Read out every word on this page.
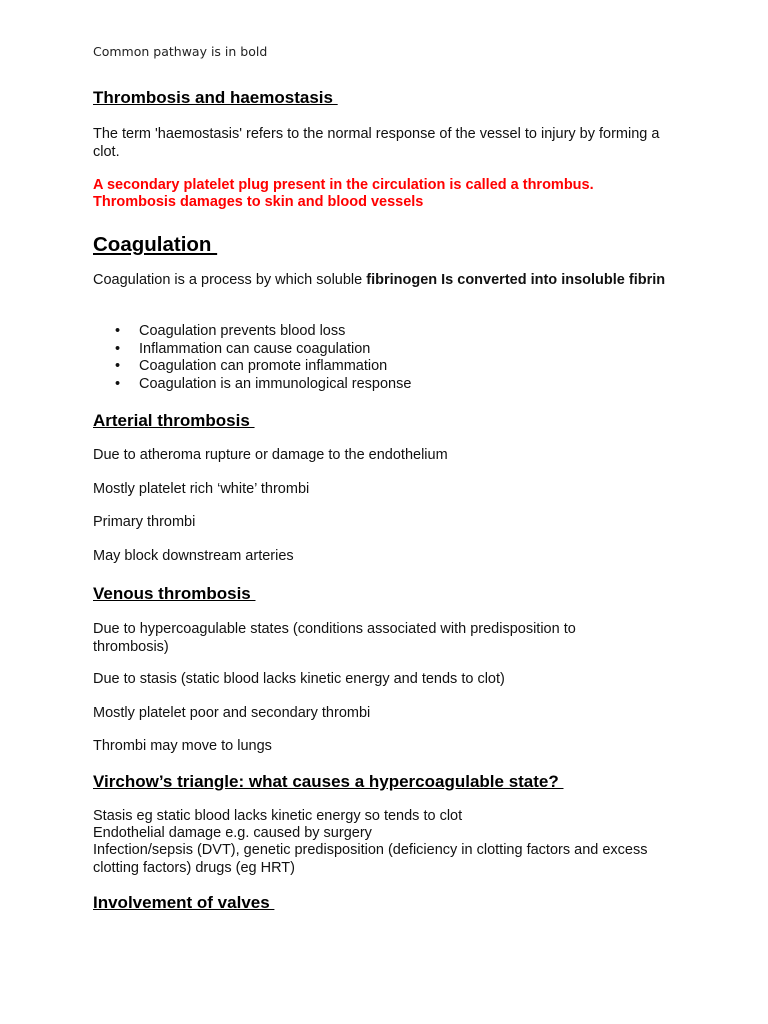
Common pathway is in bold
Thrombosis and haemostasis
The term 'haemostasis' refers to the normal response of the vessel to injury by forming a clot.
A secondary platelet plug present in the circulation is called a thrombus.
Thrombosis damages to skin and blood vessels
Coagulation
Coagulation is a process by which soluble fibrinogen Is converted into insoluble fibrin
• Coagulation prevents blood loss
• Inflammation can cause coagulation
• Coagulation can promote inflammation
• Coagulation is an immunological response
Arterial thrombosis
Due to atheroma rupture or damage to the endothelium
Mostly platelet rich ‘white’ thrombi
Primary thrombi
May block downstream arteries
Venous thrombosis
Due to hypercoagulable states (conditions associated with predisposition to thrombosis)
Due to stasis (static blood lacks kinetic energy and tends to clot)
Mostly platelet poor and secondary thrombi
Thrombi may move to lungs
Virchow’s triangle: what causes a hypercoagulable state?
Stasis eg static blood lacks kinetic energy so tends to clot
Endothelial damage e.g. caused by surgery
Infection/sepsis (DVT), genetic predisposition (deficiency in clotting factors and excess clotting factors) drugs (eg HRT)
Involvement of valves
